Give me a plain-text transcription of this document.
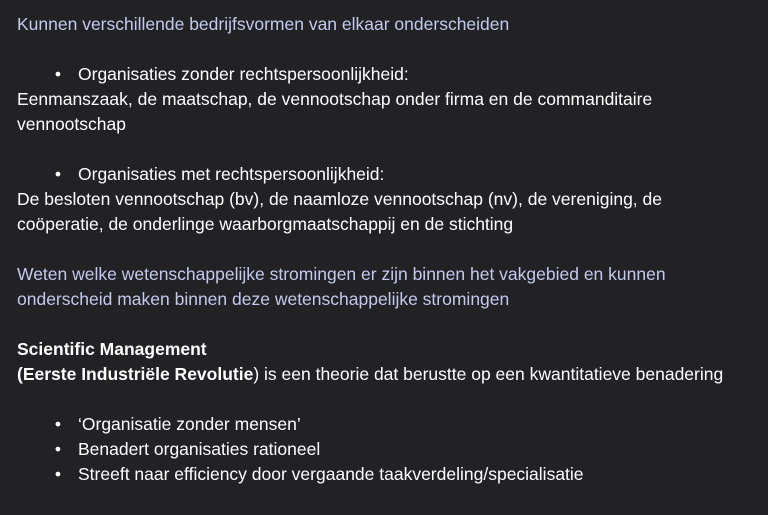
Kunnen verschillende bedrijfsvormen van elkaar onderscheiden
• Organisaties zonder rechtspersoonlijkheid:
Eenmanszaak, de maatschap, de vennootschap onder firma en de commanditaire
vennootschap
• Organisaties met rechtspersoonlijkheid:
De besloten vennootschap (bv), de naamloze vennootschap (nv), de vereniging, de
coöperatie, de onderlinge waarborgmaatschappij en de stichting
Weten welke wetenschappelijke stromingen er zijn binnen het vakgebied en kunnen
onderscheid maken binnen deze wetenschappelijke stromingen
Scientific Management
(Eerste Industriële Revolutie) is een theorie dat berustte op een kwantitatieve benadering
• ‘Organisatie zonder mensen’
• Benadert organisaties rationeel
• Streeft naar efficiency door vergaande taakverdeling/specialisatie
